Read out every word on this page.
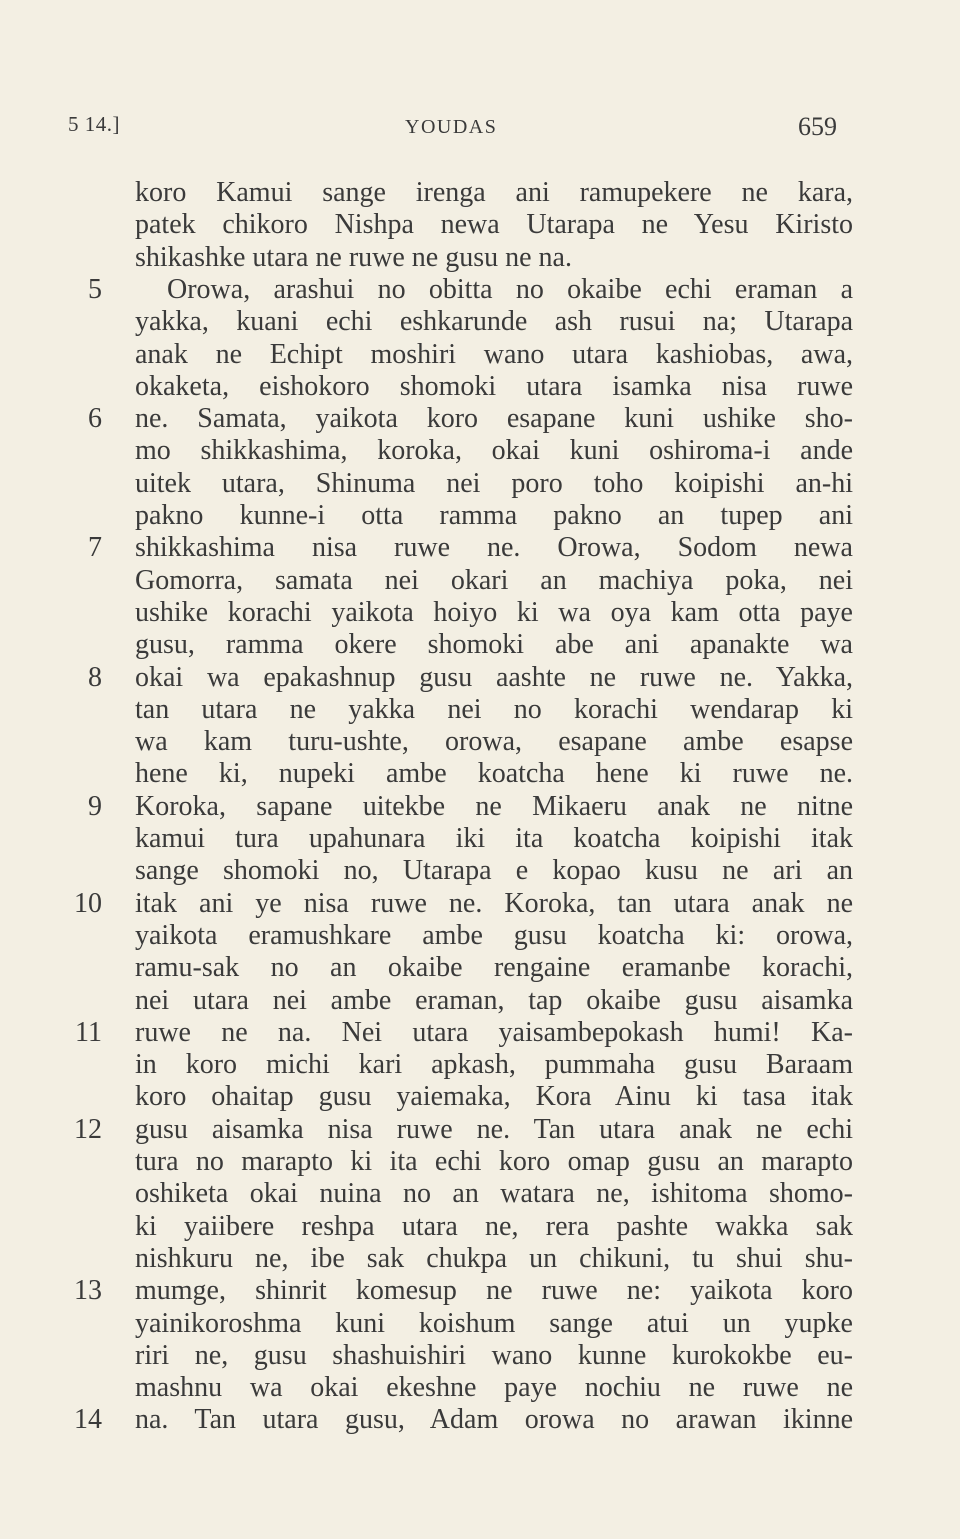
5 14.]	YOUDAS	659
koro Kamui sange irenga ani ramupekere ne kara,
patek chikoro Nishpa newa Utarapa ne Yesu Kiristo
shikashke utara ne ruwe ne gusu ne na.
5 Orowa, arashui no obitta no okaibe echi eraman a
yakka, kuani echi eshkarunde ash rusui na; Utarapa
anak ne Echipt moshiri wano utara kashiobas, awa,
okaketa, eishokoro shomoki utara isamka nisa ruwe
6 ne. Samata, yaikota koro esapane kuni ushike sho-
mo shikkashima, koroka, okai kuni oshiroma-i ande
uitek utara, Shinuma nei poro toho koipishi an-hi
pakno kunne-i otta ramma pakno an tupep ani
7 shikkashima nisa ruwe ne. Orowa, Sodom newa
Gomorra, samata nei okari an machiya poka, nei
ushike korachi yaikota hoiyo ki wa oya kam otta paye
gusu, ramma okere shomoki abe ani apanakte wa
8 okai wa epakashnup gusu aashte ne ruwe ne. Yakka,
tan utara ne yakka nei no korachi wendarap ki
wa kam turu-ushte, orowa, esapane ambe esapse
hene ki, nupeki ambe koatcha hene ki ruwe ne.
9 Koroka, sapane uitekbe ne Mikaeru anak ne nitne
kamui tura upahunara iki ita koatcha koipishi itak
sange shomoki no, Utarapa e kopao kusu ne ari an
10 itak ani ye nisa ruwe ne. Koroka, tan utara anak ne
yaikota eramushkare ambe gusu koatcha ki: orowa,
ramu-sak no an okaibe rengaine eramanbe korachi,
nei utara nei ambe eraman, tap okaibe gusu aisamka
11 ruwe ne na. Nei utara yaisambepokash humi! Ka-
in koro michi kari apkash, pummaha gusu Baraam
koro ohaitap gusu yaiemaka, Kora Ainu ki tasa itak
12 gusu aisamka nisa ruwe ne. Tan utara anak ne echi
tura no marapto ki ita echi koro omap gusu an marapto
oshiketa okai nuina no an watara ne, ishitoma shomo-
ki yaiibere reshpa utara ne, rera pashte wakka sak
nishkuru ne, ibe sak chukpa un chikuni, tu shui shu-
13 mumge, shinrit komesup ne ruwe ne: yaikota koro
yainikoroshma kuni koishum sange atui un yupke
riri ne, gusu shashuishiri wano kunne kurokokbe eu-
mashnu wa okai ekeshne paye nochiu ne ruwe ne
14 na. Tan utara gusu, Adam orowa no arawan ikinne
